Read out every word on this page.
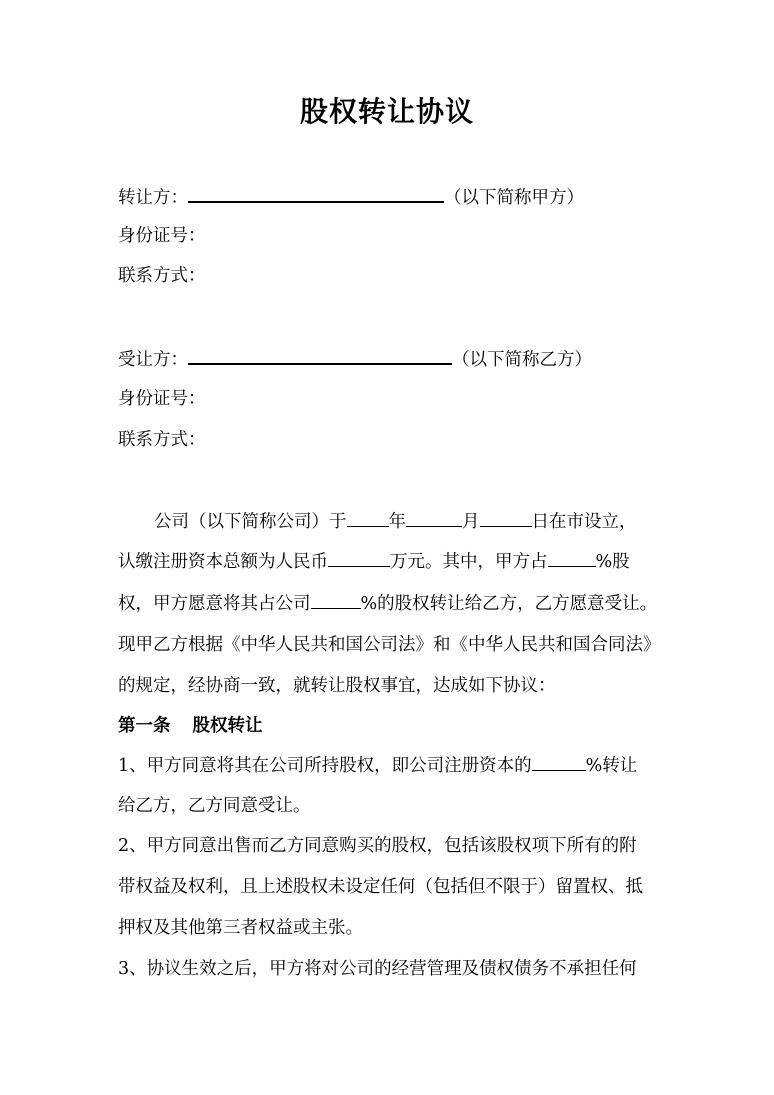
股权转让协议
转让方：	（以下简称甲方）
身份证号：
联系方式：
受让方：	（以下简称乙方）
身份证号：
联系方式：
公司（以下简称公司）于 年	月	日在市设立，
认缴注册资本总额为人民币	万元。其中，甲方占	%股
权，甲方愿意将其占公司	%的股权转让给乙方，乙方愿意受让。
现甲乙方根据《中华人民共和国公司法》和《中华人民共和国合同法》
的规定，经协商一致，就转让股权事宜，达成如下协议：
第一条 股权转让
1、甲方同意将其在公司所持股权，即公司注册资本的	%转让
给乙方，乙方同意受让。
2、甲方同意出售而乙方同意购买的股权，包括该股权项下所有的附
带权益及权利，且上述股权未设定任何（包括但不限于）留置权、抵
押权及其他第三者权益或主张。
3、协议生效之后，甲方将对公司的经营管理及债权债务不承担任何
